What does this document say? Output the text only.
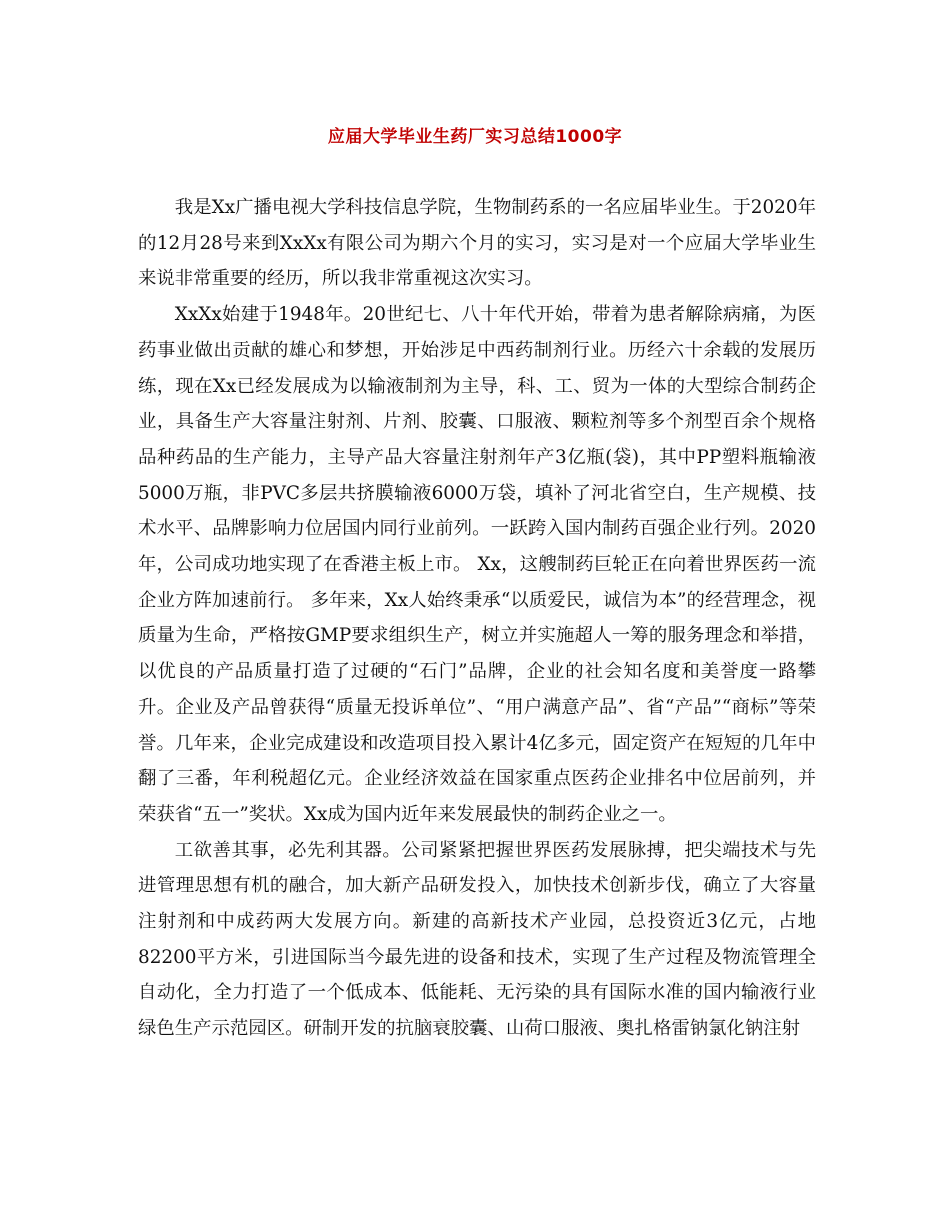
应届大学毕业生药厂实习总结1000字

我是Xx广播电视大学科技信息学院，生物制药系的一名应届毕业生。于2020年的12月28号来到XxXx有限公司为期六个月的实习，实习是对一个应届大学毕业生来说非常重要的经历，所以我非常重视这次实习。

XxXx始建于1948年。20世纪七、八十年代开始，带着为患者解除病痛，为医药事业做出贡献的雄心和梦想，开始涉足中西药制剂行业。历经六十余载的发展历练，现在Xx已经发展成为以输液制剂为主导，科、工、贸为一体的大型综合制药企业，具备生产大容量注射剂、片剂、胶囊、口服液、颗粒剂等多个剂型百余个规格品种药品的生产能力，主导产品大容量注射剂年产3亿瓶(袋)，其中PP塑料瓶输液5000万瓶，非PVC多层共挤膜输液6000万袋，填补了河北省空白，生产规模、技术水平、品牌影响力位居国内同行业前列。一跃跨入国内制药百强企业行列。2020年，公司成功地实现了在香港主板上市。 Xx，这艘制药巨轮正在向着世界医药一流企业方阵加速前行。 多年来，Xx人始终秉承“以质爱民，诚信为本”的经营理念，视质量为生命，严格按GMP要求组织生产，树立并实施超人一筹的服务理念和举措，以优良的产品质量打造了过硬的“石门”品牌，企业的社会知名度和美誉度一路攀升。企业及产品曾获得“质量无投诉单位”、“用户满意产品”、省“产品”“商标”等荣誉。几年来，企业完成建设和改造项目投入累计4亿多元，固定资产在短短的几年中翻了三番，年利税超亿元。企业经济效益在国家重点医药企业排名中位居前列，并荣获省“五一”奖状。Xx成为国内近年来发展最快的制药企业之一。

工欲善其事，必先利其器。公司紧紧把握世界医药发展脉搏，把尖端技术与先进管理思想有机的融合，加大新产品研发投入，加快技术创新步伐，确立了大容量注射剂和中成药两大发展方向。新建的高新技术产业园，总投资近3亿元，占地82200平方米，引进国际当今最先进的设备和技术，实现了生产过程及物流管理全自动化，全力打造了一个低成本、低能耗、无污染的具有国际水准的国内输液行业绿色生产示范园区。研制开发的抗脑衰胶囊、山荷口服液、奥扎格雷钠氯化钠注射
